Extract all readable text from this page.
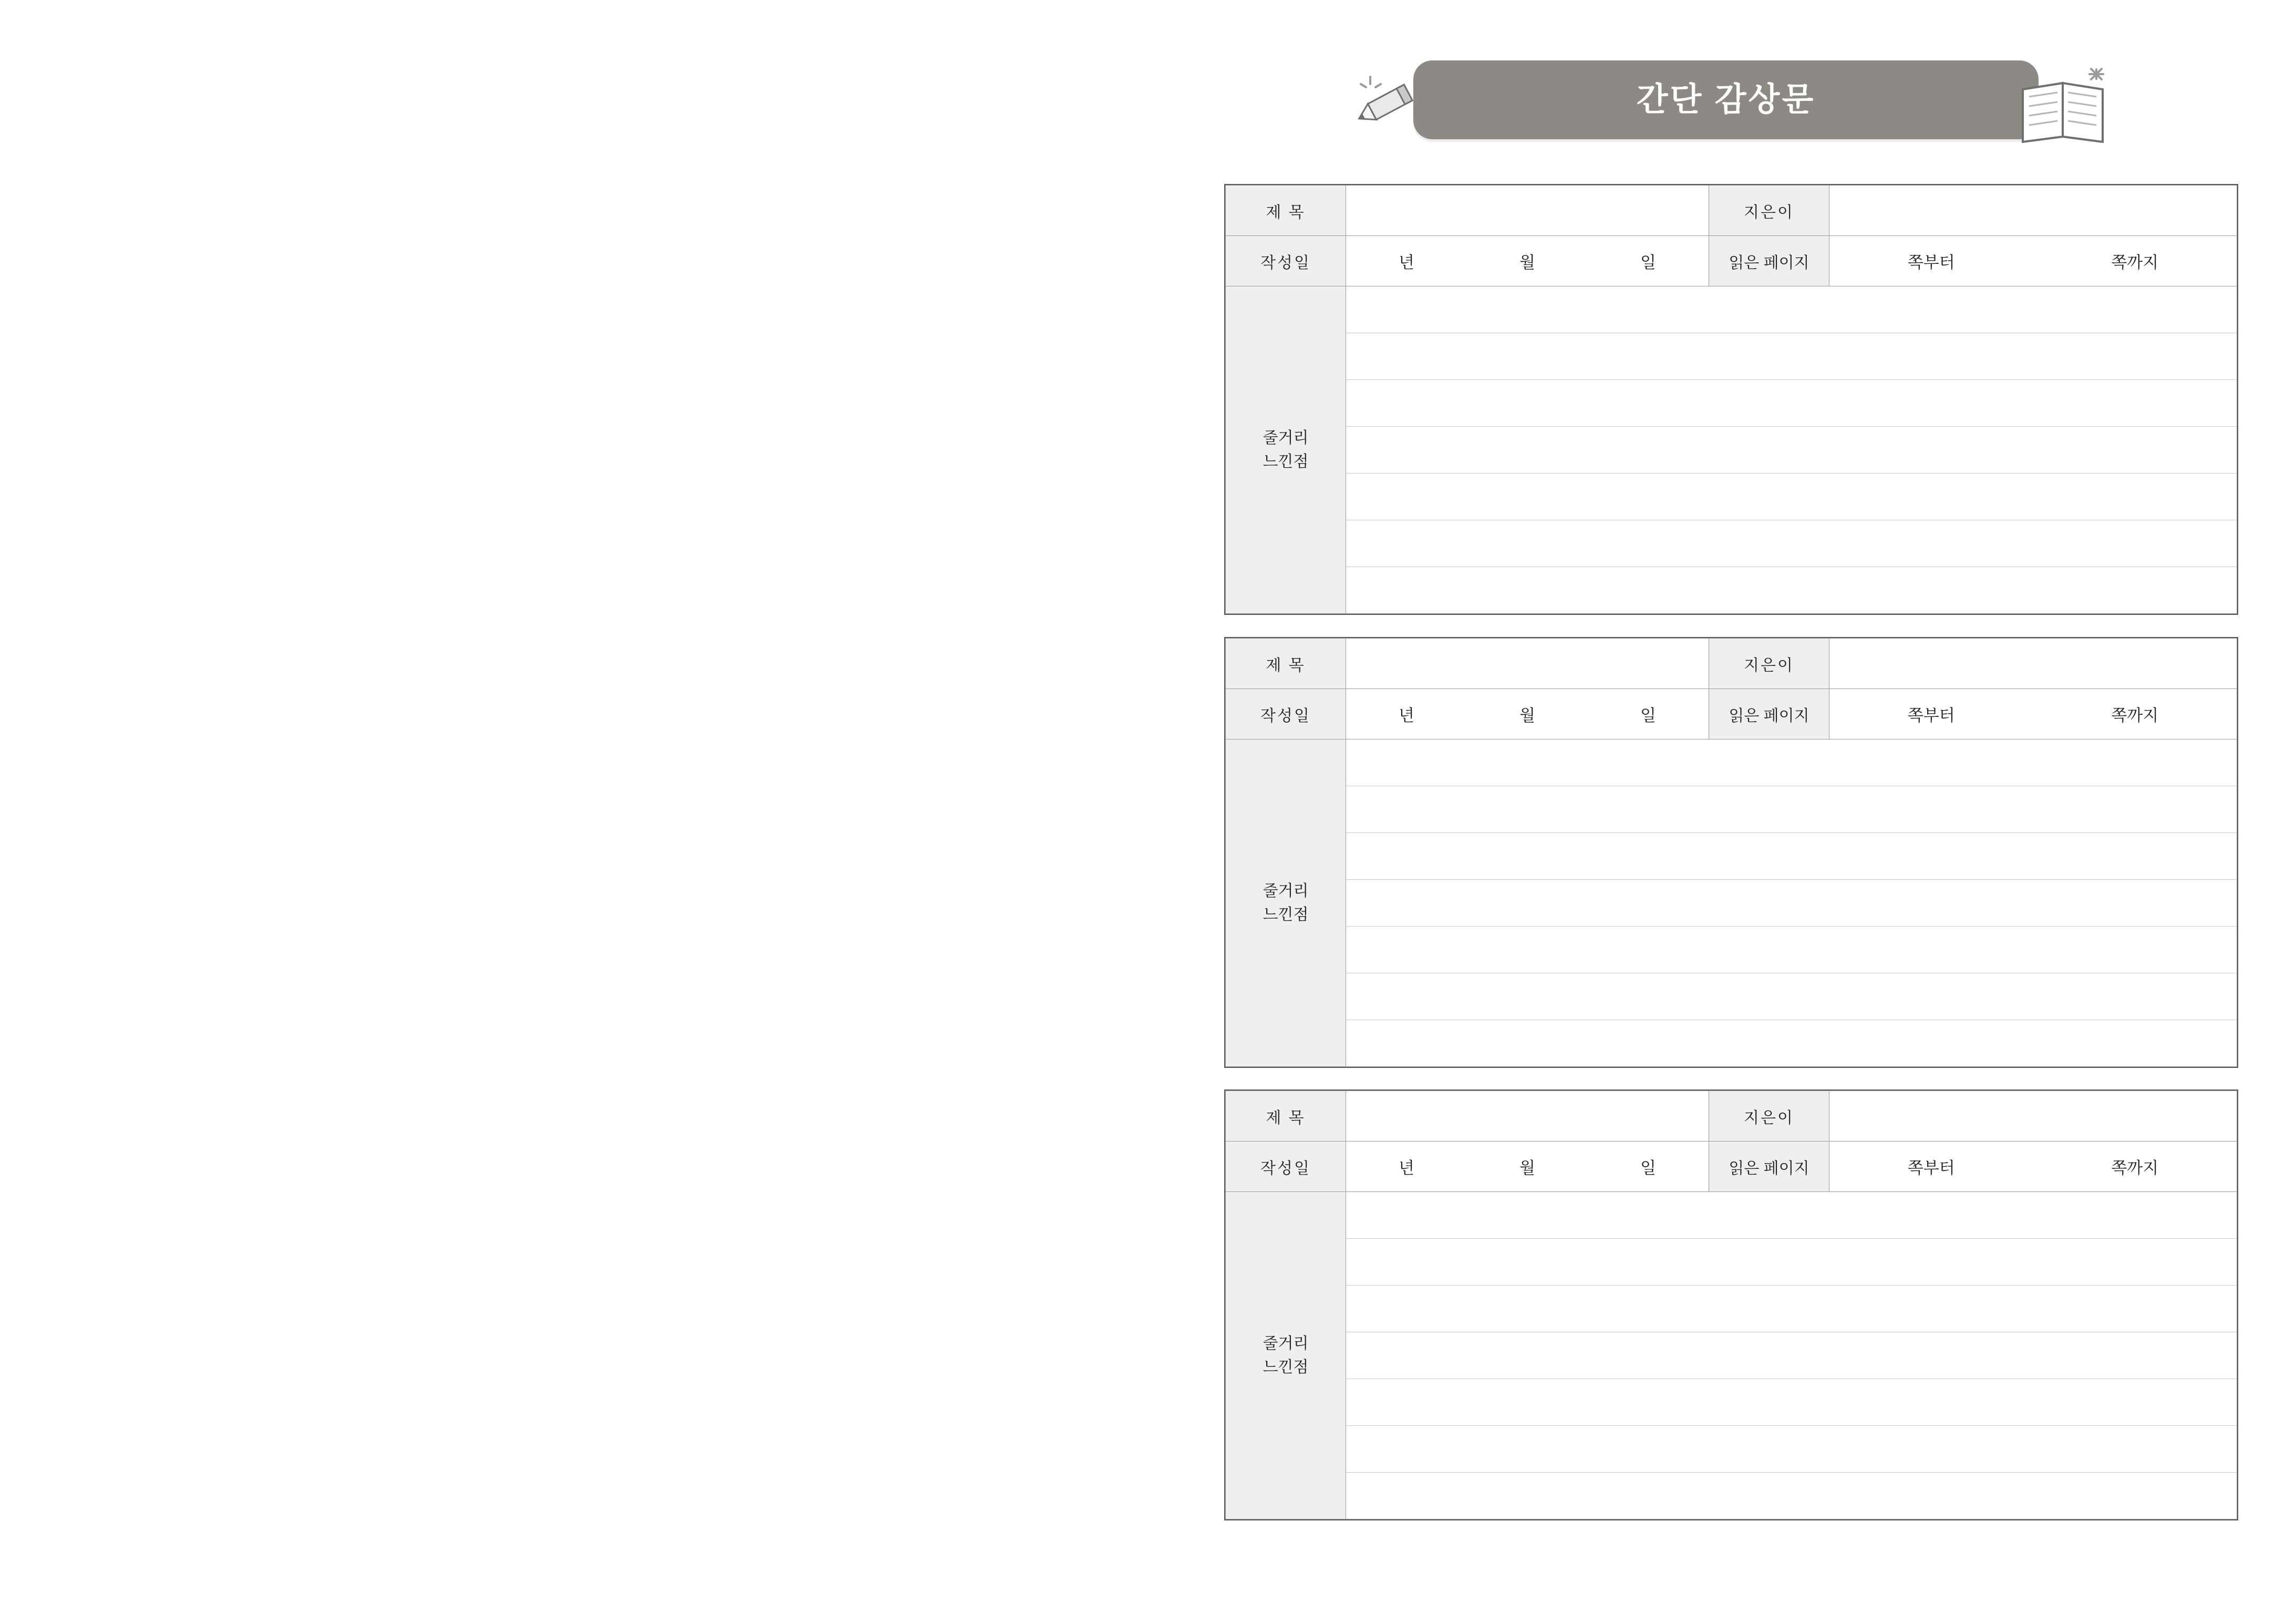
간단 감상문
제 목		지은이	
작성일	년	월	일	읽은 페이지	쪽부터	쪽까지

줄거리
느낀점

제 목		지은이	
작성일	년	월	일	읽은 페이지	쪽부터	쪽까지

줄거리
느낀점

제 목		지은이	
작성일	년	월	일	읽은 페이지	쪽부터	쪽까지

줄거리
느낀점
